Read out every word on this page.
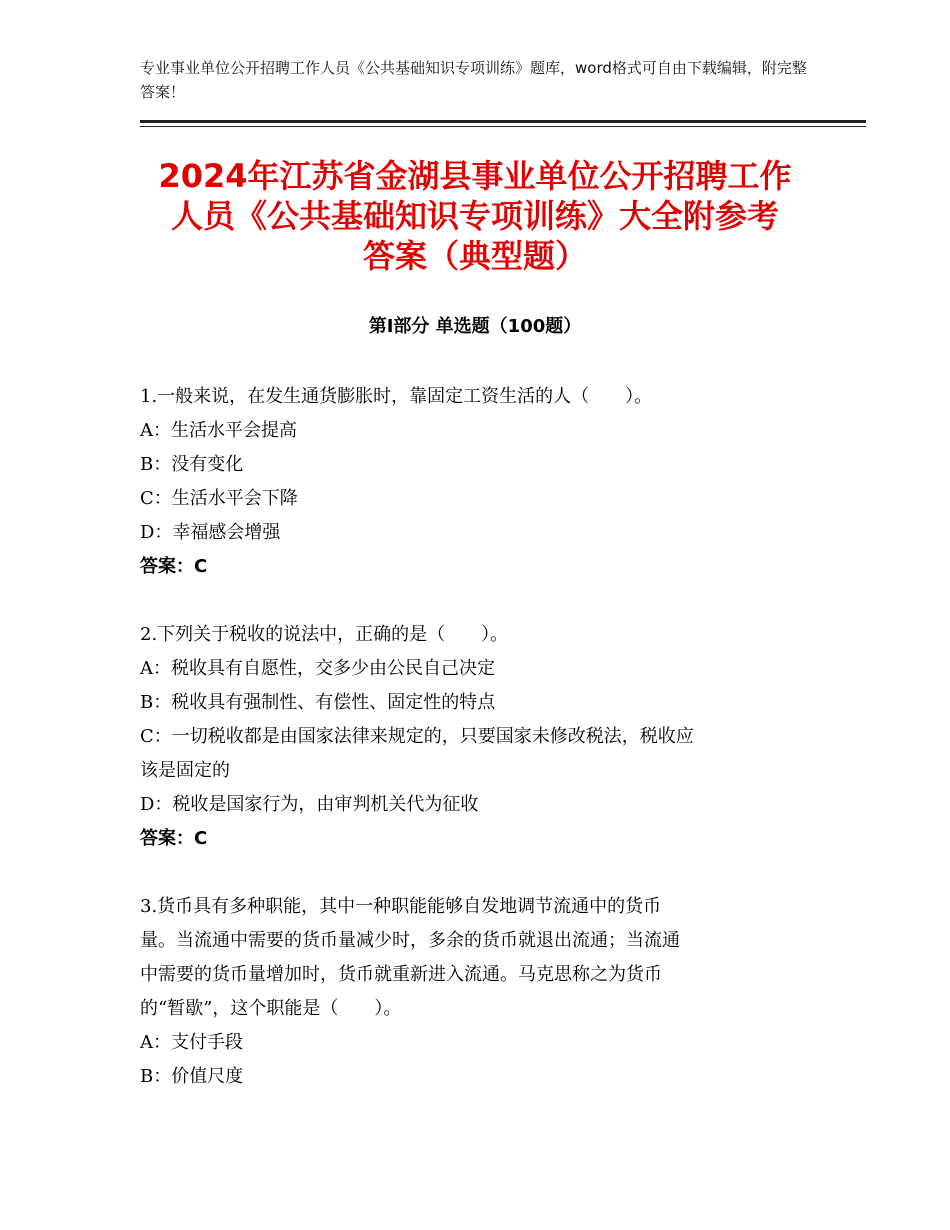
专业事业单位公开招聘工作人员《公共基础知识专项训练》题库，word格式可自由下载编辑，附完整答案！
2024年江苏省金湖县事业单位公开招聘工作
人员《公共基础知识专项训练》大全附参考
答案（典型题）
第Ⅰ部分 单选题（100题）

1.一般来说，在发生通货膨胀时，靠固定工资生活的人（　　）。

A：生活水平会提高

B：没有变化

C：生活水平会下降

D：幸福感会增强

答案：C

2.下列关于税收的说法中，正确的是（　　）。

A：税收具有自愿性，交多少由公民自己决定

B：税收具有强制性、有偿性、固定性的特点

C：一切税收都是由国家法律来规定的，只要国家未修改税法，税收应

该是固定的

D：税收是国家行为，由审判机关代为征收

答案：C

3.货币具有多种职能，其中一种职能能够自发地调节流通中的货币

量。当流通中需要的货币量减少时，多余的货币就退出流通；当流通

中需要的货币量增加时，货币就重新进入流通。马克思称之为货币

的“暂歇”，这个职能是（　　）。

A：支付手段

B：价值尺度
